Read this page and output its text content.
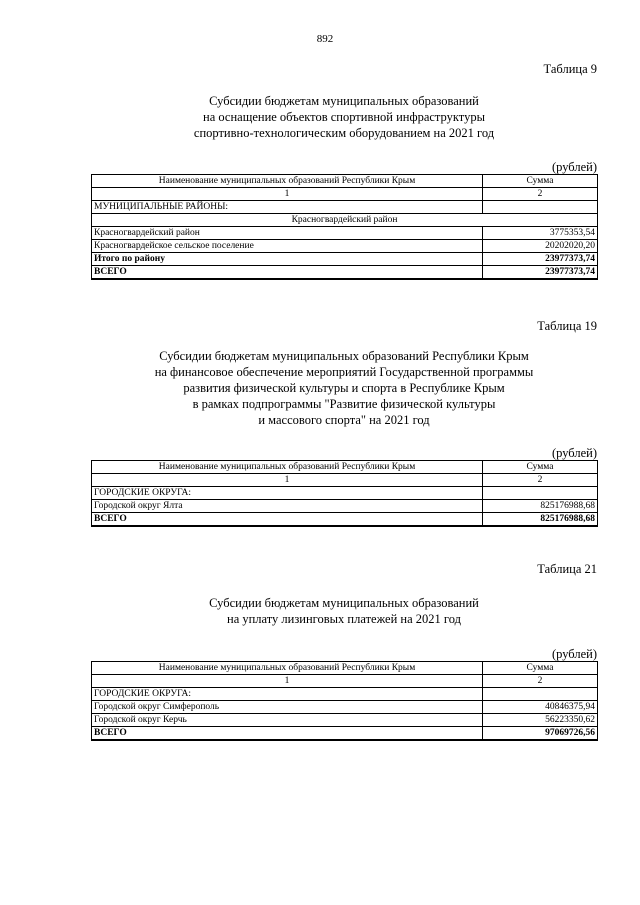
892
Таблица 9
Субсидии бюджетам муниципальных образований
на оснащение объектов спортивной инфраструктуры
спортивно-технологическим оборудованием на 2021 год
(рублей)
Наименование муниципальных образований Республики Крым	Сумма
1	2
МУНИЦИПАЛЬНЫЕ РАЙОНЫ:	
Красногвардейский район	
Красногвардейский район	3775353,54
Красногвардейское сельское поселение	20202020,20
Итого по району	23977373,74
ВСЕГО	23977373,74
Таблица 19
Субсидии бюджетам муниципальных образований Республики Крым
на финансовое обеспечение мероприятий Государственной программы
развития физической культуры и спорта в Республике Крым
в рамках подпрограммы "Развитие физической культуры
и массового спорта" на 2021 год
(рублей)
Наименование муниципальных образований Республики Крым	Сумма
1	2
ГОРОДСКИЕ ОКРУГА:	
Городской округ Ялта	825176988,68
ВСЕГО	825176988,68
Таблица 21
Субсидии бюджетам муниципальных образований
на уплату лизинговых платежей на 2021 год
(рублей)
Наименование муниципальных образований Республики Крым	Сумма
1	2
ГОРОДСКИЕ ОКРУГА:	
Городской округ Симферополь	40846375,94
Городской округ Керчь	56223350,62
ВСЕГО	97069726,56
